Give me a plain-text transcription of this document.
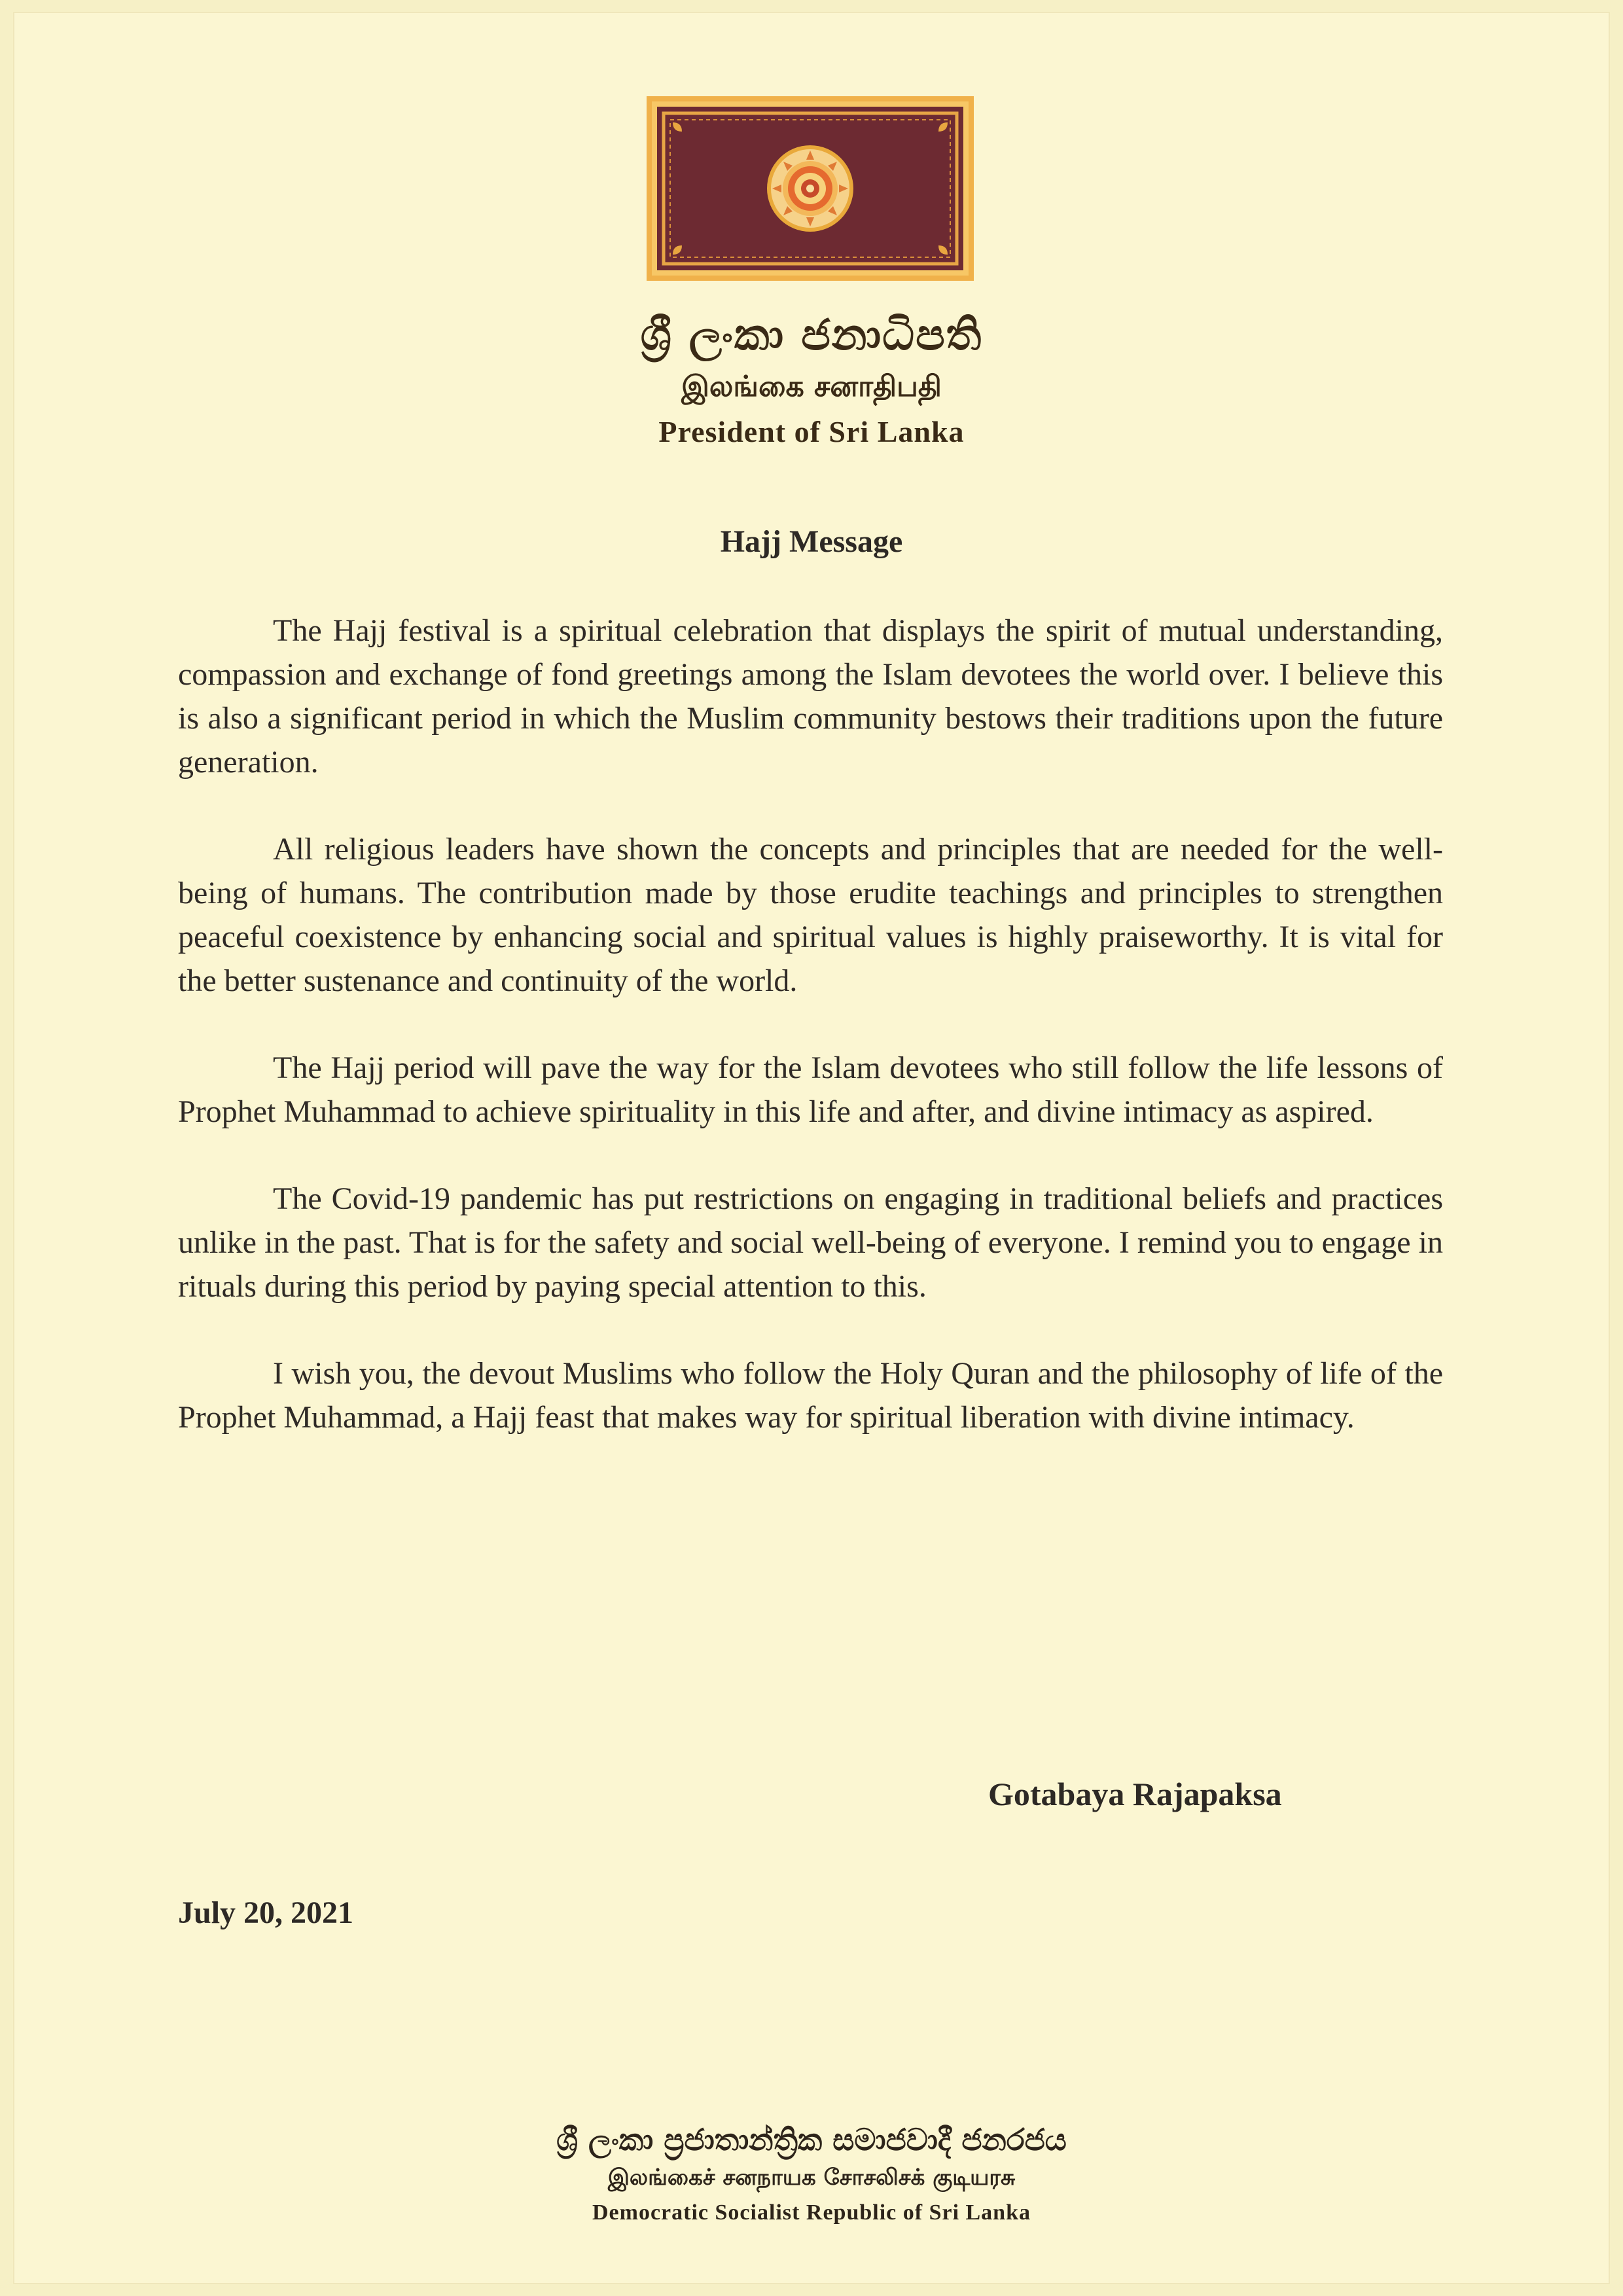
ශ්‍රී ලංකා ජනාධිපති
இலங்கை சனாதிபதி
President of Sri Lanka
Hajj Message

The Hajj festival is a spiritual celebration that displays the spirit of mutual understanding, compassion and exchange of fond greetings among the Islam devotees the world over. I believe this is also a significant period in which the Muslim community bestows their traditions upon the future generation.

All religious leaders have shown the concepts and principles that are needed for the well-being of humans. The contribution made by those erudite teachings and principles to strengthen peaceful coexistence by enhancing social and spiritual values is highly praiseworthy. It is vital for the better sustenance and continuity of the world.

The Hajj period will pave the way for the Islam devotees who still follow the life lessons of Prophet Muhammad to achieve spirituality in this life and after, and divine intimacy as aspired.

The Covid-19 pandemic has put restrictions on engaging in traditional beliefs and practices unlike in the past. That is for the safety and social well-being of everyone. I remind you to engage in rituals during this period by paying special attention to this.

I wish you, the devout Muslims who follow the Holy Quran and the philosophy of life of the Prophet Muhammad, a Hajj feast that makes way for spiritual liberation with divine intimacy.

Gotabaya Rajapaksa
July 20, 2021
ශ්‍රී ලංකා ප්‍රජාතාන්ත්‍රික සමාජවාදී ජනරජය
இலங்கைச் சனநாயக சோசலிசக் குடியரசு
Democratic Socialist Republic of Sri Lanka
